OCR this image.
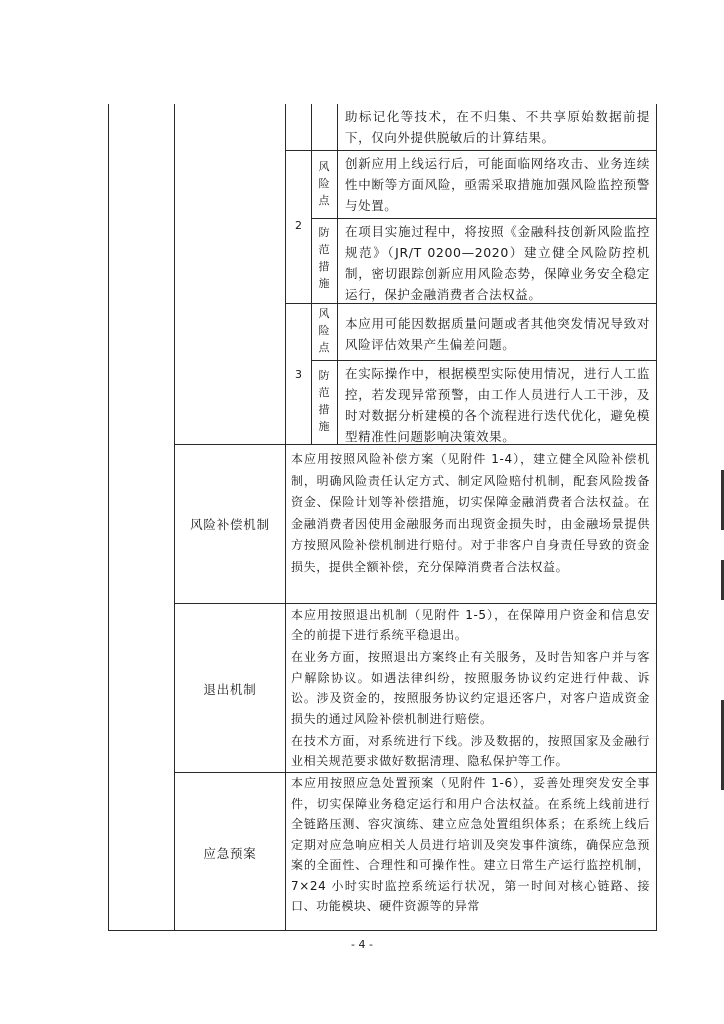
助标记化等技术，在不归集、不共享原始数据前提下，仅向外提供脱敏后的计算结果。
2
风险点
创新应用上线运行后，可能面临网络攻击、业务连续性中断等方面风险，亟需采取措施加强风险监控预警与处置。
防范措施
在项目实施过程中，将按照《金融科技创新风险监控规范》（JR/T 0200—2020）建立健全风险防控机制，密切跟踪创新应用风险态势，保障业务安全稳定运行，保护金融消费者合法权益。
3
风险点
本应用可能因数据质量问题或者其他突发情况导致对风险评估效果产生偏差问题。
防范措施
在实际操作中，根据模型实际使用情况，进行人工监控，若发现异常预警，由工作人员进行人工干涉，及时对数据分析建模的各个流程进行迭代优化，避免模型精准性问题影响决策效果。
风险补偿机制
本应用按照风险补偿方案（见附件 1-4），建立健全风险补偿机制，明确风险责任认定方式、制定风险赔付机制，配套风险拨备资金、保险计划等补偿措施，切实保障金融消费者合法权益。在金融消费者因使用金融服务而出现资金损失时，由金融场景提供方按照风险补偿机制进行赔付。对于非客户自身责任导致的资金损失，提供全额补偿，充分保障消费者合法权益。
退出机制
本应用按照退出机制（见附件 1-5），在保障用户资金和信息安全的前提下进行系统平稳退出。
在业务方面，按照退出方案终止有关服务，及时告知客户并与客户解除协议。如遇法律纠纷，按照服务协议约定进行仲裁、诉讼。涉及资金的，按照服务协议约定退还客户，对客户造成资金损失的通过风险补偿机制进行赔偿。
在技术方面，对系统进行下线。涉及数据的，按照国家及金融行业相关规范要求做好数据清理、隐私保护等工作。
应急预案
本应用按照应急处置预案（见附件 1-6），妥善处理突发安全事件，切实保障业务稳定运行和用户合法权益。在系统上线前进行全链路压测、容灾演练、建立应急处置组织体系；在系统上线后定期对应急响应相关人员进行培训及突发事件演练，确保应急预案的全面性、合理性和可操作性。建立日常生产运行监控机制，7×24 小时实时监控系统运行状况，第一时间对核心链路、接口、功能模块、硬件资源等的异常
- 4 -
